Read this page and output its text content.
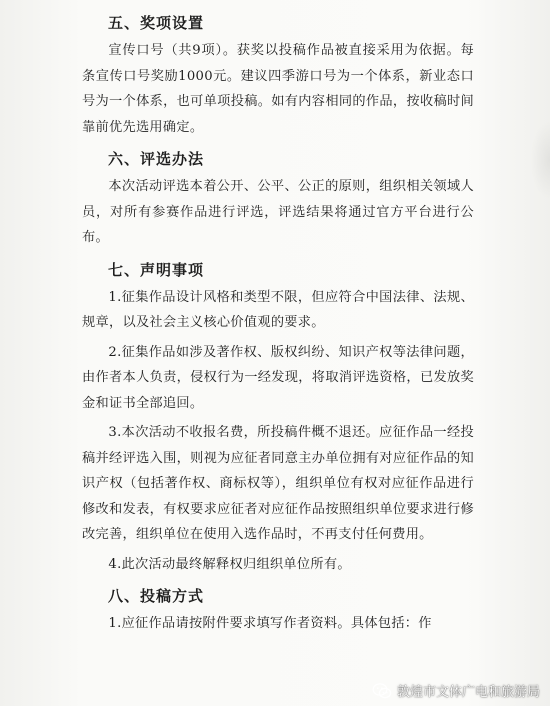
五、奖项设置
宣传口号（共9项）。获奖以投稿作品被直接采用为依据。每条宣传口号奖励1000元。建议四季游口号为一个体系，新业态口号为一个体系，也可单项投稿。如有内容相同的作品，按收稿时间靠前优先选用确定。
六、评选办法
本次活动评选本着公开、公平、公正的原则，组织相关领域人员，对所有参赛作品进行评选，评选结果将通过官方平台进行公布。
七、声明事项
1.征集作品设计风格和类型不限，但应符合中国法律、法规、规章，以及社会主义核心价值观的要求。
2.征集作品如涉及著作权、版权纠纷、知识产权等法律问题，由作者本人负责，侵权行为一经发现，将取消评选资格，已发放奖金和证书全部追回。
3.本次活动不收报名费，所投稿件概不退还。应征作品一经投稿并经评选入围，则视为应征者同意主办单位拥有对应征作品的知识产权（包括著作权、商标权等），组织单位有权对应征作品进行修改和发表，有权要求应征者对应征作品按照组织单位要求进行修改完善，组织单位在使用入选作品时，不再支付任何费用。
4.此次活动最终解释权归组织单位所有。
八、投稿方式
1.应征作品请按附件要求填写作者资料。具体包括：作
敦煌市文体广电和旅游局
